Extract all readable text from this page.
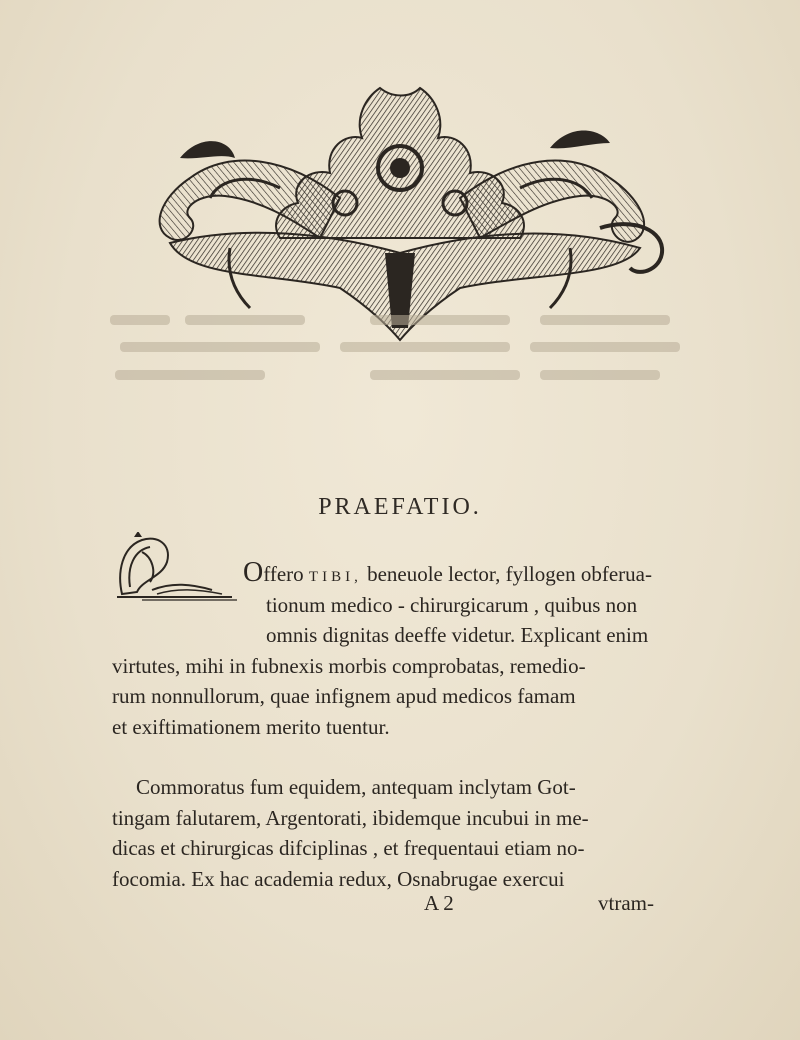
PRAEFATIO.
Offero TIBI, beneuole lector, fyllogen obferua-
tionum medico - chirurgicarum , quibus non
omnis dignitas deeffe videtur. Explicant enim
virtutes, mihi in fubnexis morbis comprobatas, remedio-
rum nonnullorum, quae infignem apud medicos famam
et exiftimationem merito tuentur.
Commoratus fum equidem, antequam inclytam Got-
tingam falutarem, Argentorati, ibidemque incubui in me-
dicas et chirurgicas difciplinas , et frequentaui etiam no-
focomia. Ex hac academia redux, Osnabrugae exercui
A 2	vtram-
